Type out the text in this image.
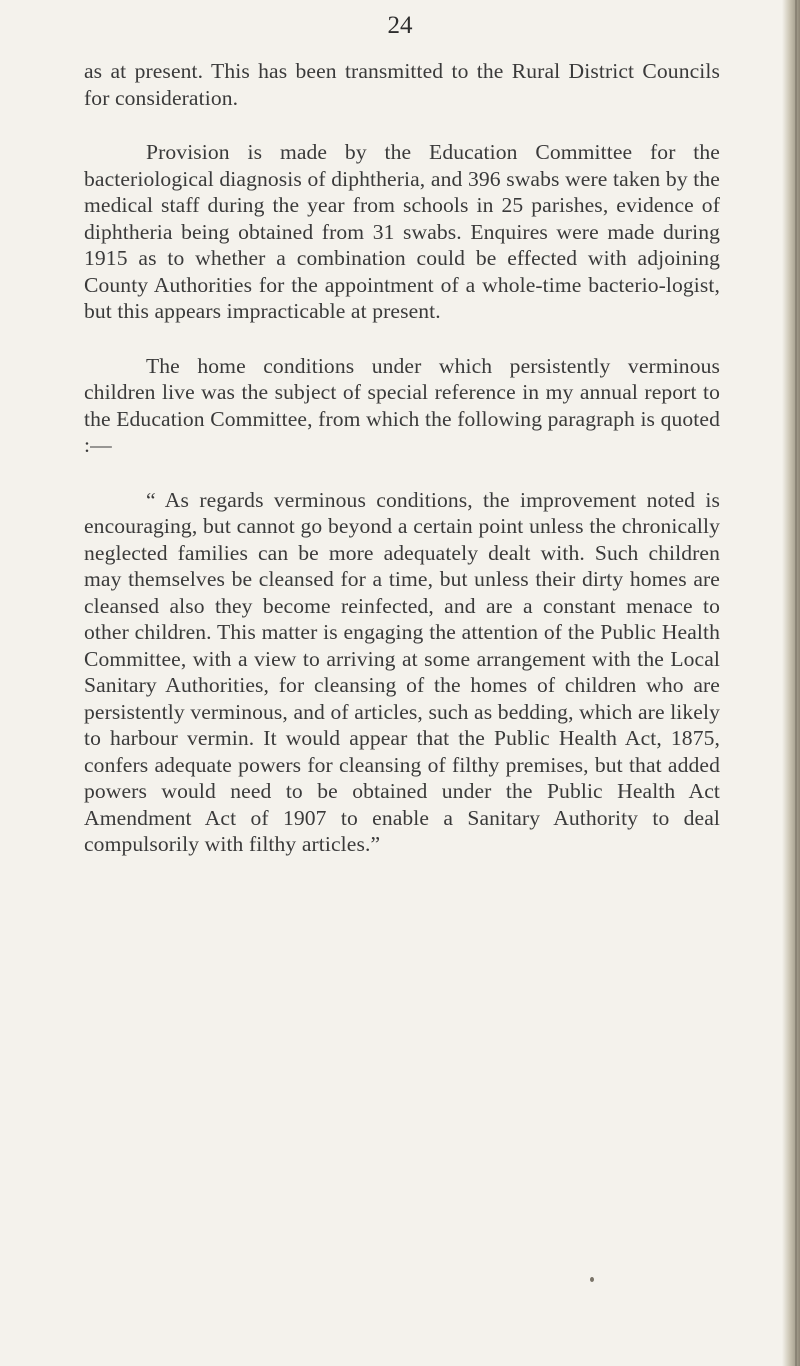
24

as at present. This has been transmitted to the Rural District Councils for consideration.

Provision is made by the Education Committee for the bacteriological diagnosis of diphtheria, and 396 swabs were taken by the medical staff during the year from schools in 25 parishes, evidence of diphtheria being obtained from 31 swabs. Enquires were made during 1915 as to whether a combination could be effected with adjoining County Authorities for the appointment of a whole-time bacterio-logist, but this appears impracticable at present.

The home conditions under which persistently verminous children live was the subject of special reference in my annual report to the Education Committee, from which the following paragraph is quoted :—

“ As regards verminous conditions, the improvement noted is encouraging, but cannot go beyond a certain point unless the chronically neglected families can be more adequately dealt with. Such children may themselves be cleansed for a time, but unless their dirty homes are cleansed also they become reinfected, and are a constant menace to other children. This matter is engaging the attention of the Public Health Committee, with a view to arriving at some arrangement with the Local Sanitary Authorities, for cleansing of the homes of children who are persistently verminous, and of articles, such as bedding, which are likely to harbour vermin. It would appear that the Public Health Act, 1875, confers adequate powers for cleansing of filthy premises, but that added powers would need to be obtained under the Public Health Act Amendment Act of 1907 to enable a Sanitary Authority to deal compulsorily with filthy articles.”
